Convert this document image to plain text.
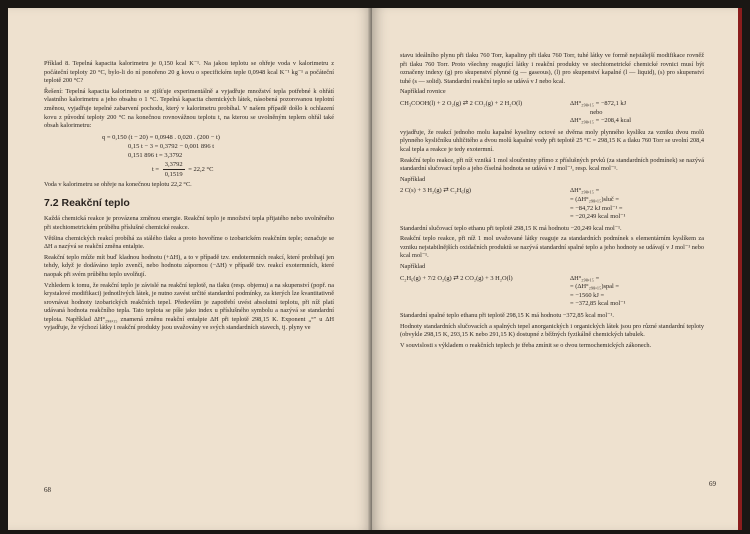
Příklad 8. Tepelná kapacita kalorimetru je 0,150 kcal K⁻¹. Na jakou teplotu se ohřeje voda v kalorimetru z počáteční teploty 20 °C, bylo-li do ní ponořeno 20 g kovu o specifickém teple 0,0948 kcal K⁻¹ kg⁻¹ a počáteční teplotě 200 °C?

Řešení: Tepelná kapacita kalorimetru se zjišťuje experimentálně a vyjadřuje množství tepla potřebné k ohřátí vlastního kalorimetru a jeho obsahu o 1 °C. Tepelná kapacita chemických látek, násobená pozorovanou teplotní změnou, vyjadřuje tepelné zabarvení pochodu, který v kalorimetru probíhal. V našem případě došlo k ochlazení kovu z původní teploty 200 °C na konečnou rovnovážnou teplotu t, na kterou se uvolněným teplem ohřál také obsah kalorimetru:

q = 0,150 (t − 20) = 0,0948 . 0,020 . (200 − t)
0,15 t − 3 = 0,3792 − 0,001 896 t
0,151 896 t = 3,3792
$t = \frac{3,3792}{0,1519} = 22,2$ °C

Voda v kalorimetru se ohřeje na konečnou teplotu 22,2 °C.

7.2 Reakční teplo

Každá chemická reakce je provázena změnou energie. Reakční teplo je množství tepla přijatého nebo uvolněného při stechiometrickém průběhu příslušné chemické reakce.

Většina chemických reakcí probíhá za stálého tlaku a proto hovoříme o izobarickém reakčním teple; označuje se ΔH a nazývá se reakční změna entalpie.

Reakční teplo může mít buď kladnou hodnotu (+ΔH), a to v případě tzv. endotermních reakcí, které probíhají jen tehdy, když je dodáváno teplo zvenčí, nebo hodnotu zápornou (−ΔH) v případě tzv. reakcí exotermních, které naopak při svém průběhu teplo uvolňují.

Vzhledem k tomu, že reakční teplo je závislé na reakční teplotě, na tlaku (resp. objemu) a na skupenství (popř. na krystalové modifikaci) jednotlivých látek, je nutno zavést určité standardní podmínky, za kterých lze kvantitativně srovnávat hodnoty izobarických reakčních tepel. Především je zapotřebí uvést absolutní teplotu, při níž platí udávaná hodnota reakčního tepla. Tato teplota se píše jako index u příslušného symbolu a nazývá se standardní teplota. Například ΔH°₂₉₈,₁₅ znamená změnu reakční entalpie ΔH při teplotě 298,15 K. Exponent „°" u ΔH vyjadřuje, že výchozí látky i reakční produkty jsou uvažovány ve svých standardních stavech, tj. plyny ve

68

stavu ideálního plynu při tlaku 760 Torr, kapaliny při tlaku 760 Torr, tuhé látky ve formě nejstálejší modifikace rovněž při tlaku 760 Torr. Proto všechny reagující látky i reakční produkty ve stechiometrické chemické rovnici musí být označeny indexy (g) pro skupenství plynné (g — gaseous), (l) pro skupenství kapalné (l — liquid), (s) pro skupenství tuhé (s — solid). Standardní reakční teplo se udává v J nebo kcal.

Například rovnice

CH₃COOH(l) + 2 O₂(g) ⇄ 2 CO₂(g) + 2 H₂O(l)	ΔH°₂₉₈,₁₅ = −872,1 kJ
nebo
ΔH°₂₉₈,₁₅ = −208,4 kcal

vyjadřuje, že reakcí jednoho molu kapalné kyseliny octové se dvěma moly plynného kyslíku za vzniku dvou molů plynného kysličníku uhličitého a dvou molů kapalné vody při teplotě 25 °C = 298,15 K a tlaku 760 Torr se uvolní 208,4 kcal tepla a reakce je tedy exotermní.

Reakční teplo reakce, při níž vzniká 1 mol sloučeniny přímo z příslušných prvků (za standardních podmínek) se nazývá standardní slučovací teplo a jeho číselná hodnota se udává v J mol⁻¹, resp. kcal mol⁻¹.

Například

2 C(s) + 3 H₂(g) ⇄ C₂H₆(g)	ΔH°₂₉₈,₁₅ =
= (ΔH°₂₉₈,₁₅)sluč =
= −84,72 kJ mol⁻¹ =
= −20,249 kcal mol⁻¹

Standardní slučovací teplo ethanu při teplotě 298,15 K má hodnotu −20,249 kcal mol⁻¹.

Reakční teplo reakce, při níž 1 mol uvažované látky reaguje za standardních podmínek s elementárním kyslíkem za vzniku nejstabilnějších oxidačních produktů se nazývá standardní spalné teplo a jeho hodnoty se udávají v J mol⁻¹ nebo kcal mol⁻¹.

Například

C₂H₆(g) + 7/2 O₂(g) ⇄ 2 CO₂(g) + 3 H₂O(l)	ΔH°₂₉₈,₁₅ =
= (ΔH°₂₉₈,₁₅)spal =
= −1560 kJ =
= −372,85 kcal mol⁻¹

Standardní spalné teplo ethanu při teplotě 298,15 K má hodnotu −372,85 kcal mol⁻¹.

Hodnoty standardních slučovacích a spalných tepel anorganických i organických látek jsou pro různé standardní teploty (obvykle 298,15 K, 293,15 K nebo 291,15 K) dostupné z běžných fyzikálně chemických tabulek.

V souvislosti s výkladem o reakčních teplech je třeba zmínit se o dvou termochemických zákonech.

69
